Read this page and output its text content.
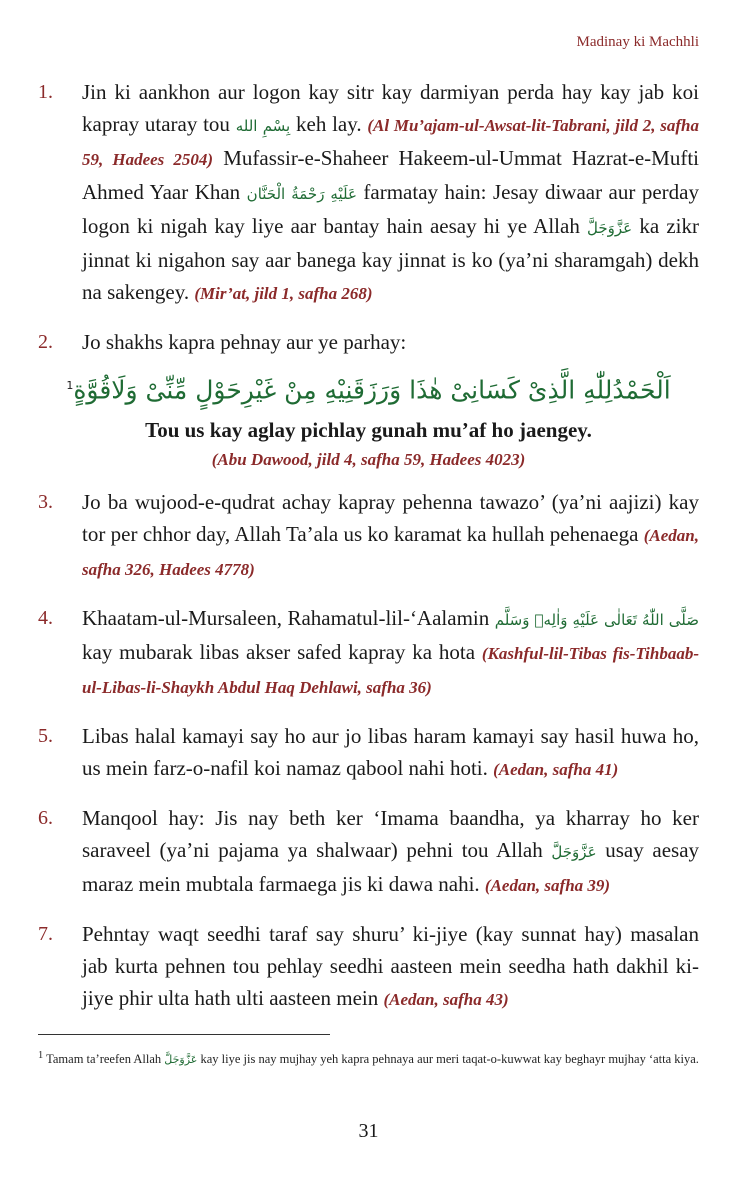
Madinay ki Machhli
1.	Jin ki aankhon aur logon kay sitr kay darmiyan perda hay kay jab koi kapray utaray tou بِسْمِ الله keh lay. (Al Mu’ajam-ul-Awsat-lit-Tabrani, jild 2, safha 59, Hadees 2504) Mufassir-e-Shaheer Hakeem-ul-Ummat Hazrat-e-Mufti Ahmed Yaar Khan عَلَيْهِ رَحْمَةُ الْحَنَّان farmatay hain: Jesay diwaar aur perday logon ki nigah kay liye aar bantay hain aesay hi ye Allah عَزَّوَجَلَّ ka zikr jinnat ki nigahon say aar banega kay jinnat is ko (ya’ni sharamgah) dekh na sakengey. (Mir’at, jild 1, safha 268)
2.	Jo shakhs kapra pehnay aur ye parhay:
اَلْحَمْدُلِلّٰهِ الَّذِیْ كَسَانِیْ هٰذَا وَرَزَقَنِيْهِ مِنْ غَيْرِحَوْلٍ مِّنِّیْ وَلَاقُوَّةٍ$^1$
Tou us kay aglay pichlay gunah mu’af ho jaengey.
(Abu Dawood, jild 4, safha 59, Hadees 4023)
3.	Jo ba wujood-e-qudrat achay kapray pehenna tawazo’ (ya’ni aajizi) kay tor per chhor day, Allah Ta’ala us ko karamat ka hullah pehenaega (Aedan, safha 326, Hadees 4778)
4.	Khaatam-ul-Mursaleen, Rahamatul-lil-‘Aalamin صَلَّى اللّٰهُ تَعَالٰى عَلَيْهِ وَاٰلِهٖ وَسَلَّم kay mubarak libas akser safed kapray ka hota (Kashful-lil-Tibas fis-Tihbaab-ul-Libas-li-Shaykh Abdul Haq Dehlawi, safha 36)
5.	Libas halal kamayi say ho aur jo libas haram kamayi say hasil huwa ho, us mein farz-o-nafil koi namaz qabool nahi hoti. (Aedan, safha 41)
6.	Manqool hay: Jis nay beth ker ‘Imama baandha, ya kharray ho ker saraveel (ya’ni pajama ya shalwaar) pehni tou Allah عَزَّوَجَلَّ usay aesay maraz mein mubtala farmaega jis ki dawa nahi. (Aedan, safha 39)
7.	Pehntay waqt seedhi taraf say shuru’ ki-jiye (kay sunnat hay) masalan jab kurta pehnen tou pehlay seedhi aasteen mein seedha hath dakhil ki-jiye phir ulta hath ulti aasteen mein (Aedan, safha 43)
$^1$ Tamam ta’reefen Allah عَزَّوَجَلَّ kay liye jis nay mujhay yeh kapra pehnaya aur meri taqat-o-kuwwat kay beghayr mujhay ‘atta kiya.
31
